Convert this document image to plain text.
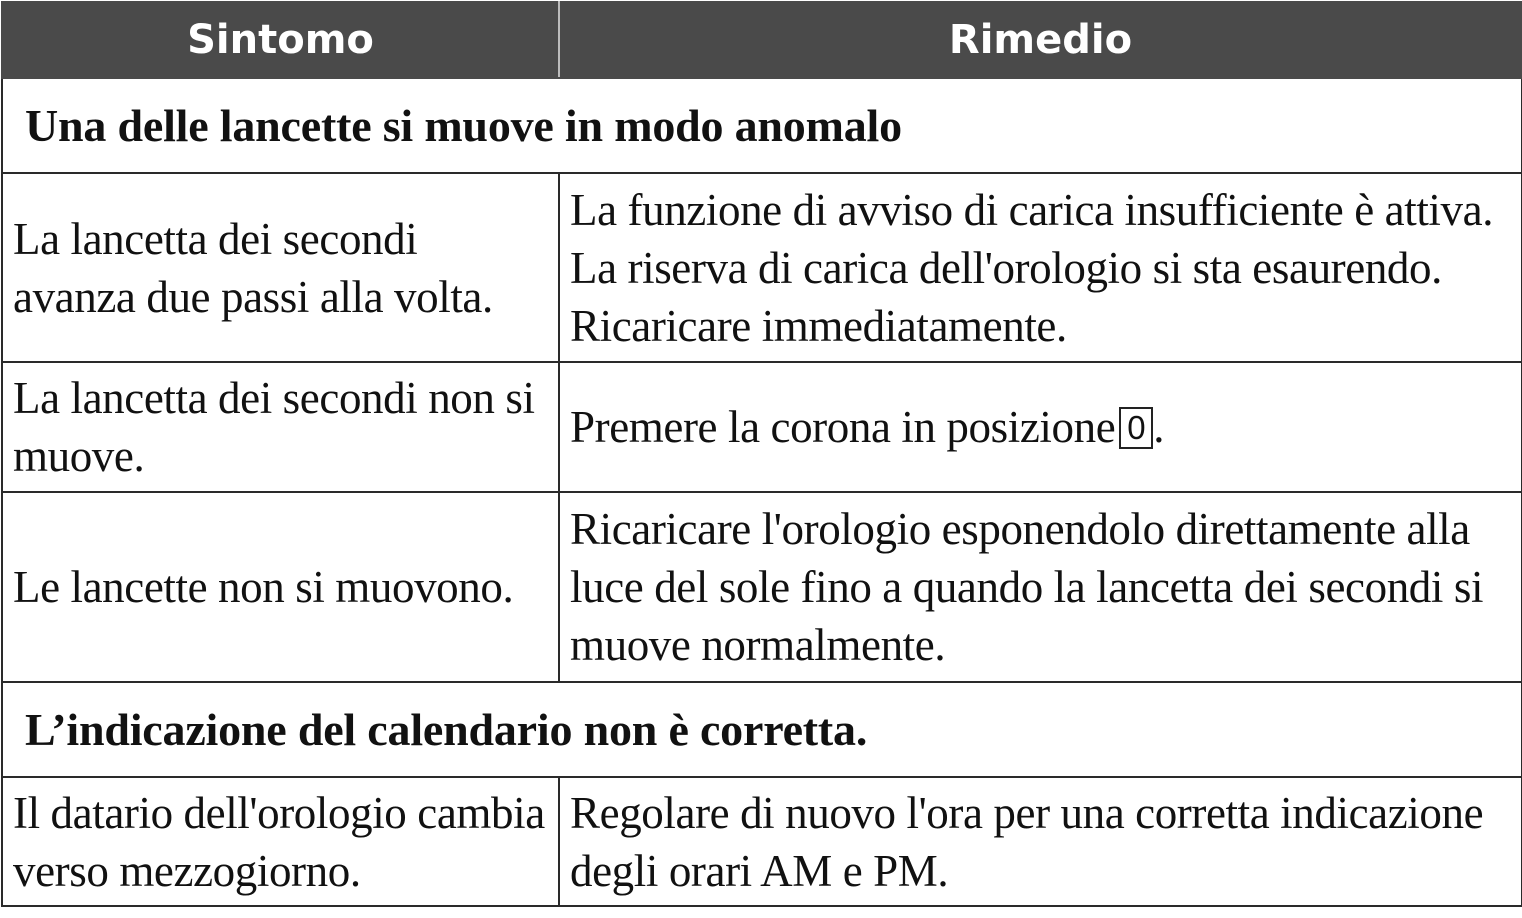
Sintomo	Rimedio
Una delle lancette si muove in modo anomalo	
La lancetta dei secondi avanza due passi alla volta.	La funzione di avviso di carica insufficiente è attiva. La riserva di carica dell'orologio si sta esaurendo. Ricaricare immediatamente.
La lancetta dei secondi non si muove.	Premere la corona in posizione 0 .
Le lancette non si muovono.	Ricaricare l'orologio esponendolo direttamente alla luce del sole fino a quando la lancetta dei secondi si muove normalmente.
L’indicazione del calendario non è corretta.	
Il datario dell'orologio cambia verso mezzogiorno.	Regolare di nuovo l'ora per una corretta indicazione degli orari AM e PM.
